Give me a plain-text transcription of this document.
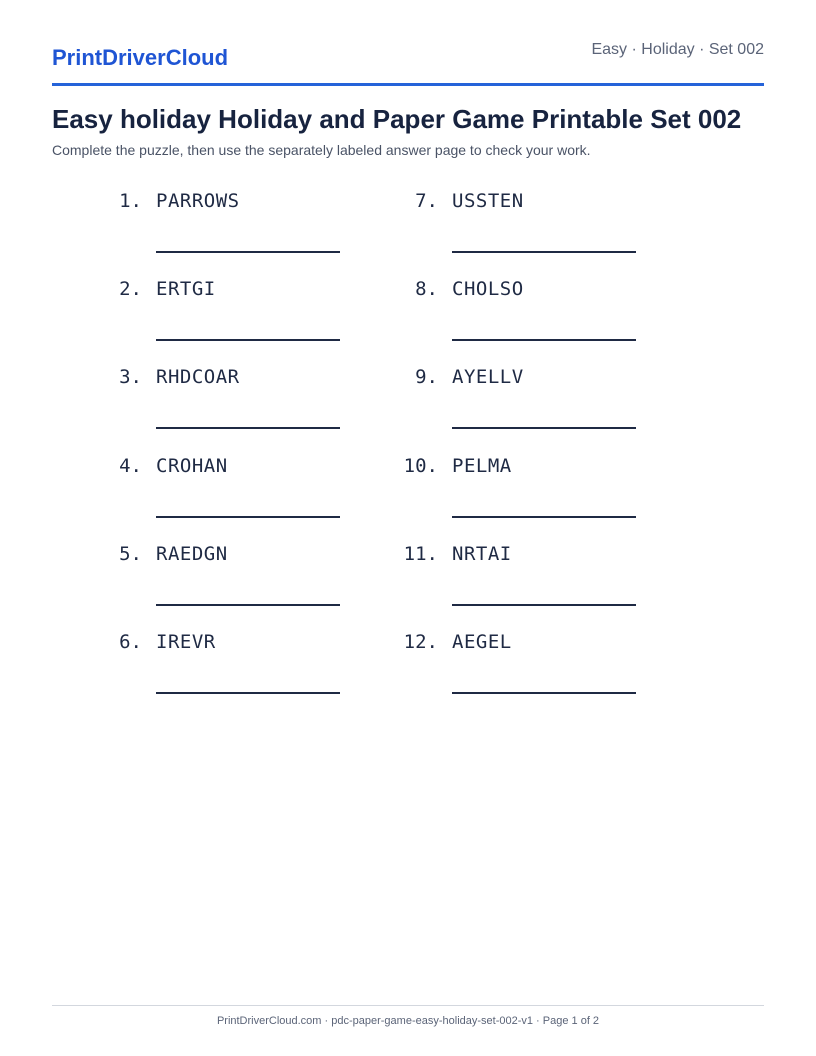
PrintDriverCloud	Easy · Holiday · Set 002
Easy holiday Holiday and Paper Game Printable Set 002
Complete the puzzle, then use the separately labeled answer page to check your work.
1. PARROWS
2. ERTGI
3. RHDCOAR
4. CROHAN
5. RAEDGN
6. IREVR
7. USSTEN
8. CHOLSO
9. AYELLV
10. PELMA
11. NRTAI
12. AEGEL
PrintDriverCloud.com · pdc-paper-game-easy-holiday-set-002-v1 · Page 1 of 2
